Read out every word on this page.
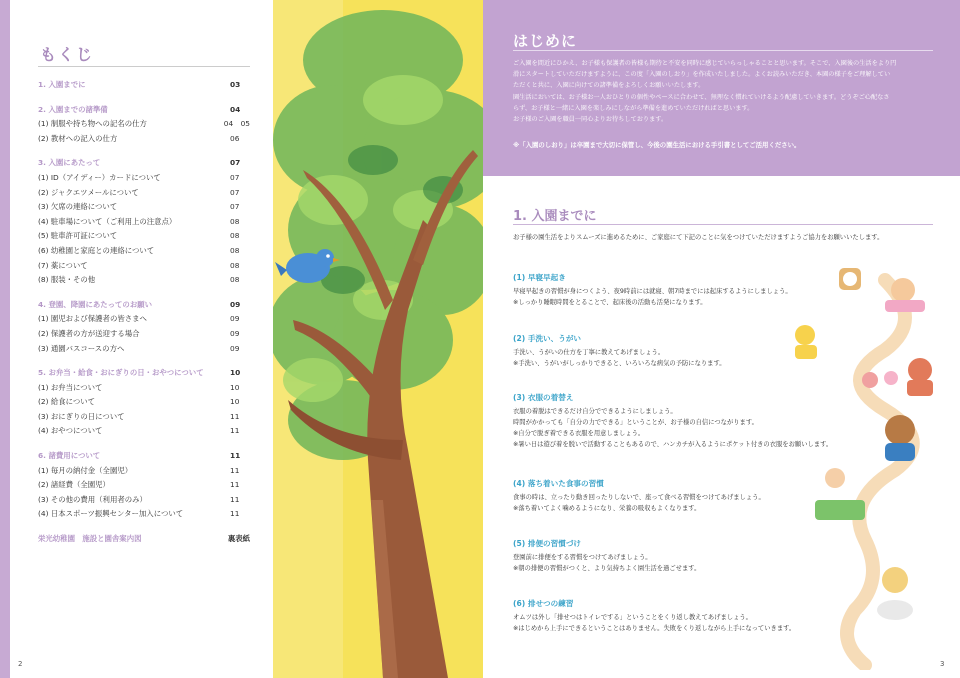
もくじ
1. 入園までに	03
2. 入園までの諸準備	04
(1) 制服や持ち物への記名の仕方	04　05
(2) 教材への記入の仕方	06
3. 入園にあたって	07
(1) ID（アイディー）カードについて	07
(2) ジャクエツメールについて	07
(3) 欠席の連絡について	07
(4) 駐車場について（ご利用上の注意点）	08
(5) 駐車許可証について	08
(6) 幼稚園と家庭との連絡について	08
(7) 薬について	08
(8) 服装・その他	08
4. 登園、降園にあたってのお願い	09
(1) 園児および保護者の皆さまへ	09
(2) 保護者の方が送迎する場合	09
(3) 通園バスコースの方へ	09
5. お弁当・給食・おにぎりの日・おやつについて	10
(1) お弁当について	10
(2) 給食について	10
(3) おにぎりの日について	11
(4) おやつについて	11
6. 諸費用について	11
(1) 毎月の納付金（全園児）	11
(2) 諸経費（全園児）	11
(3) その他の費用（利用者のみ）	11
(4) 日本スポーツ振興センター加入について	11
栄光幼稚園　施設と園舎案内図	裏表紙
2
はじめに
ご入園を間近にひかえ、お子様も保護者の皆様も期待と不安を同時に感じていらっしゃることと思います。そこで、入園後の生活をより円
滑にスタートしていただけますように、この度「入園のしおり」を作成いたしました。よくお読みいただき、本園の様子をご理解してい
ただくと共に、入園に向けての諸準備をよろしくお願いいたします。
園生活においては、お子様お一人おひとりの個性やペースに合わせて、無理なく慣れていけるよう配慮していきます。どうぞご心配なさ
らず、お子様と一緒に入園を楽しみにしながら準備を進めていただければと思います。
お子様のご入園を職員一同心よりお待ちしております。
※「入園のしおり」は卒園まで大切に保管し、今後の園生活における手引書としてご活用ください。
1. 入園までに
お子様の園生活をよりスムーズに進めるために、ご家庭にて下記のことに気をつけていただけますようご協力をお願いいたします。
(1) 早寝早起き

早寝早起きの習慣が身につくよう、夜9時前には就寝、朝7時までには起床するようにしましょう。

※しっかり睡眠時間をとることで、起床後の活動も活発になります。

(2) 手洗い、うがい

手洗い、うがいの仕方を丁寧に教えてあげましょう。

※手洗い、うがいがしっかりできると、いろいろな病気の予防になります。

(3) 衣服の着替え

衣服の着脱はできるだけ自分でできるようにしましょう。

時間がかかっても「自分の力でできる」ということが、お子様の自信につながります。

※自分で脱ぎ着できる衣服を用意しましょう。

※暑い日は遊び着を脱いで活動することもあるので、ハンカチが入るようにポケット付きの衣服をお願いします。

(4) 落ち着いた食事の習慣

食事の時は、立ったり動き回ったりしないで、座って食べる習慣をつけてあげましょう。

※落ち着いてよく噛めるようになり、栄養の吸収もよくなります。

(5) 排便の習慣づけ

登園前に排便をする習慣をつけてあげましょう。

※朝の排便の習慣がつくと、より気持ちよく園生活を過ごせます。

(6) 排せつの練習

オムツは外し「排せつはトイレでする」ということをくり返し教えてあげましょう。

※はじめから上手にできるということはありません。失敗をくり返しながら上手になっていきます。

3
